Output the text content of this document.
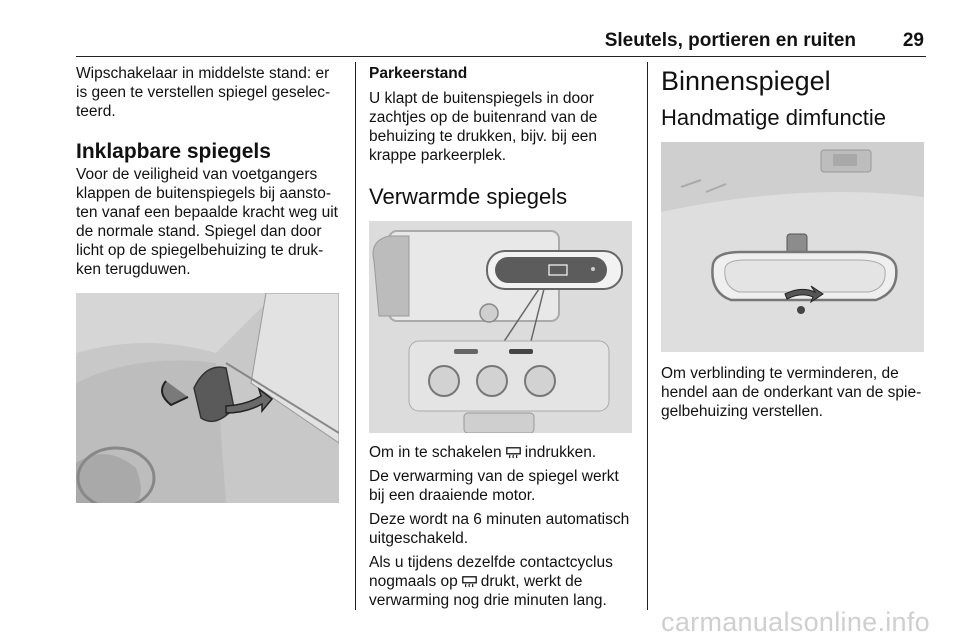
Sleutels, portieren en ruiten 29

Wipschakelaar in middelste stand: er is geen te verstellen spiegel geselec-teerd.

Inklapbare spiegels

Voor de veiligheid van voetgangers klappen de buitenspiegels bij aansto-ten vanaf een bepaalde kracht weg uit de normale stand. Spiegel dan door licht op de spiegelbehuizing te druk-ken terugduwen.

Parkeerstand

U klapt de buitenspiegels in door zachtjes op de buitenrand van de behuizing te drukken, bijv. bij een krappe parkeerplek.

Verwarmde spiegels

Om in te schakelen indrukken.

De verwarming van de spiegel werkt bij een draaiende motor.

Deze wordt na 6 minuten automatisch uitgeschakeld.

Als u tijdens dezelfde contactcyclus

nogmaals op drukt, werkt de

verwarming nog drie minuten lang.

Binnenspiegel
Handmatige dimfunctie

Om verblinding te verminderen, de hendel aan de onderkant van de spie-gelbehuizing verstellen.

carmanualsonline.info
